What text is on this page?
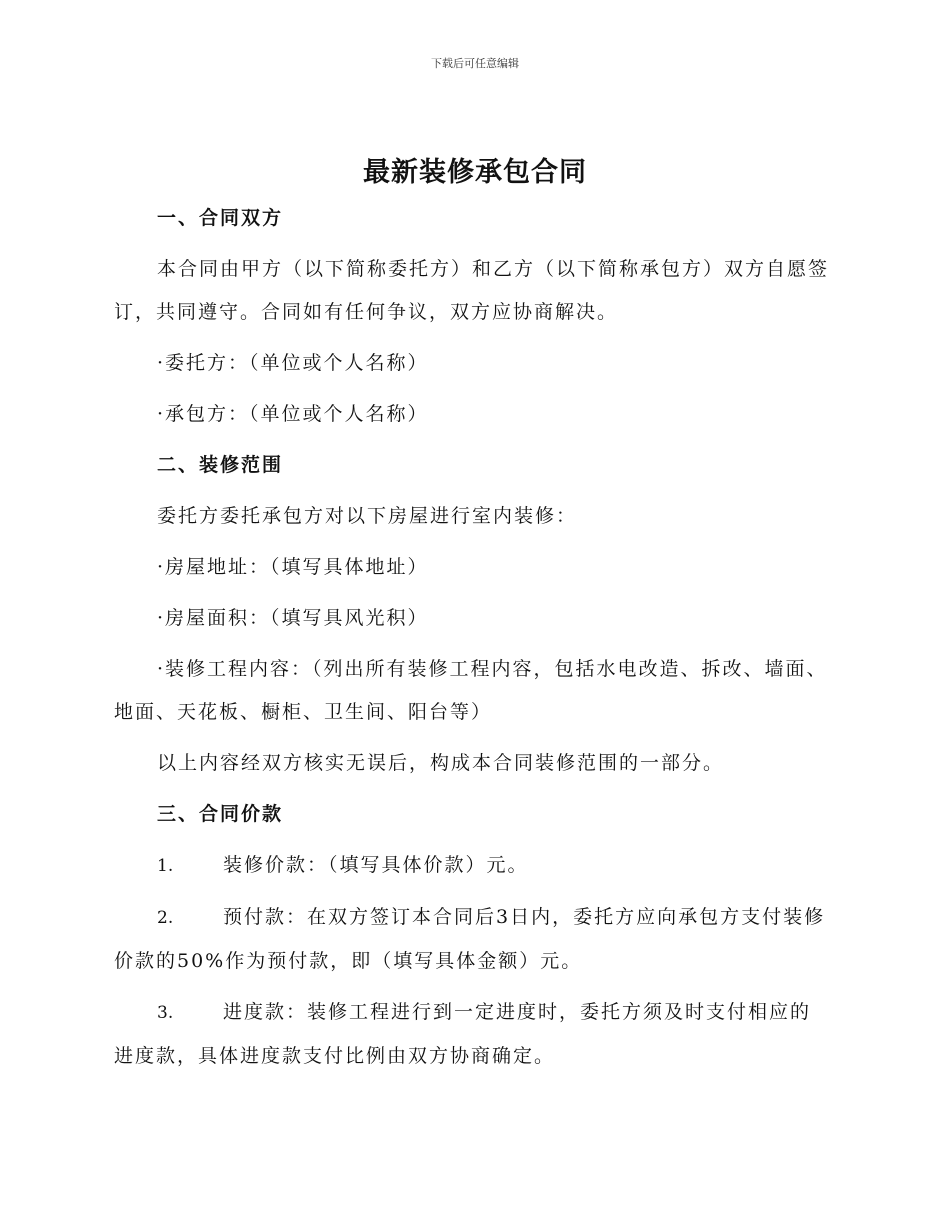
下载后可任意编辑
最新装修承包合同

一、合同双方

本合同由甲方（以下简称委托方）和乙方（以下简称承包方）双方自愿签订，共同遵守。合同如有任何争议，双方应协商解决。

·委托方：（单位或个人名称）

·承包方：（单位或个人名称）

二、装修范围

委托方委托承包方对以下房屋进行室内装修：

·房屋地址：（填写具体地址）

·房屋面积：（填写具风光积）

·装修工程内容：（列出所有装修工程内容，包括水电改造、拆改、墙面、地面、天花板、橱柜、卫生间、阳台等）

以上内容经双方核实无误后，构成本合同装修范围的一部分。

三、合同价款

1.	装修价款：（填写具体价款）元。

2.	预付款：在双方签订本合同后3日内，委托方应向承包方支付装修价款的50%作为预付款，即（填写具体金额）元。

3.	进度款：装修工程进行到一定进度时，委托方须及时支付相应的进度款，具体进度款支付比例由双方协商确定。
